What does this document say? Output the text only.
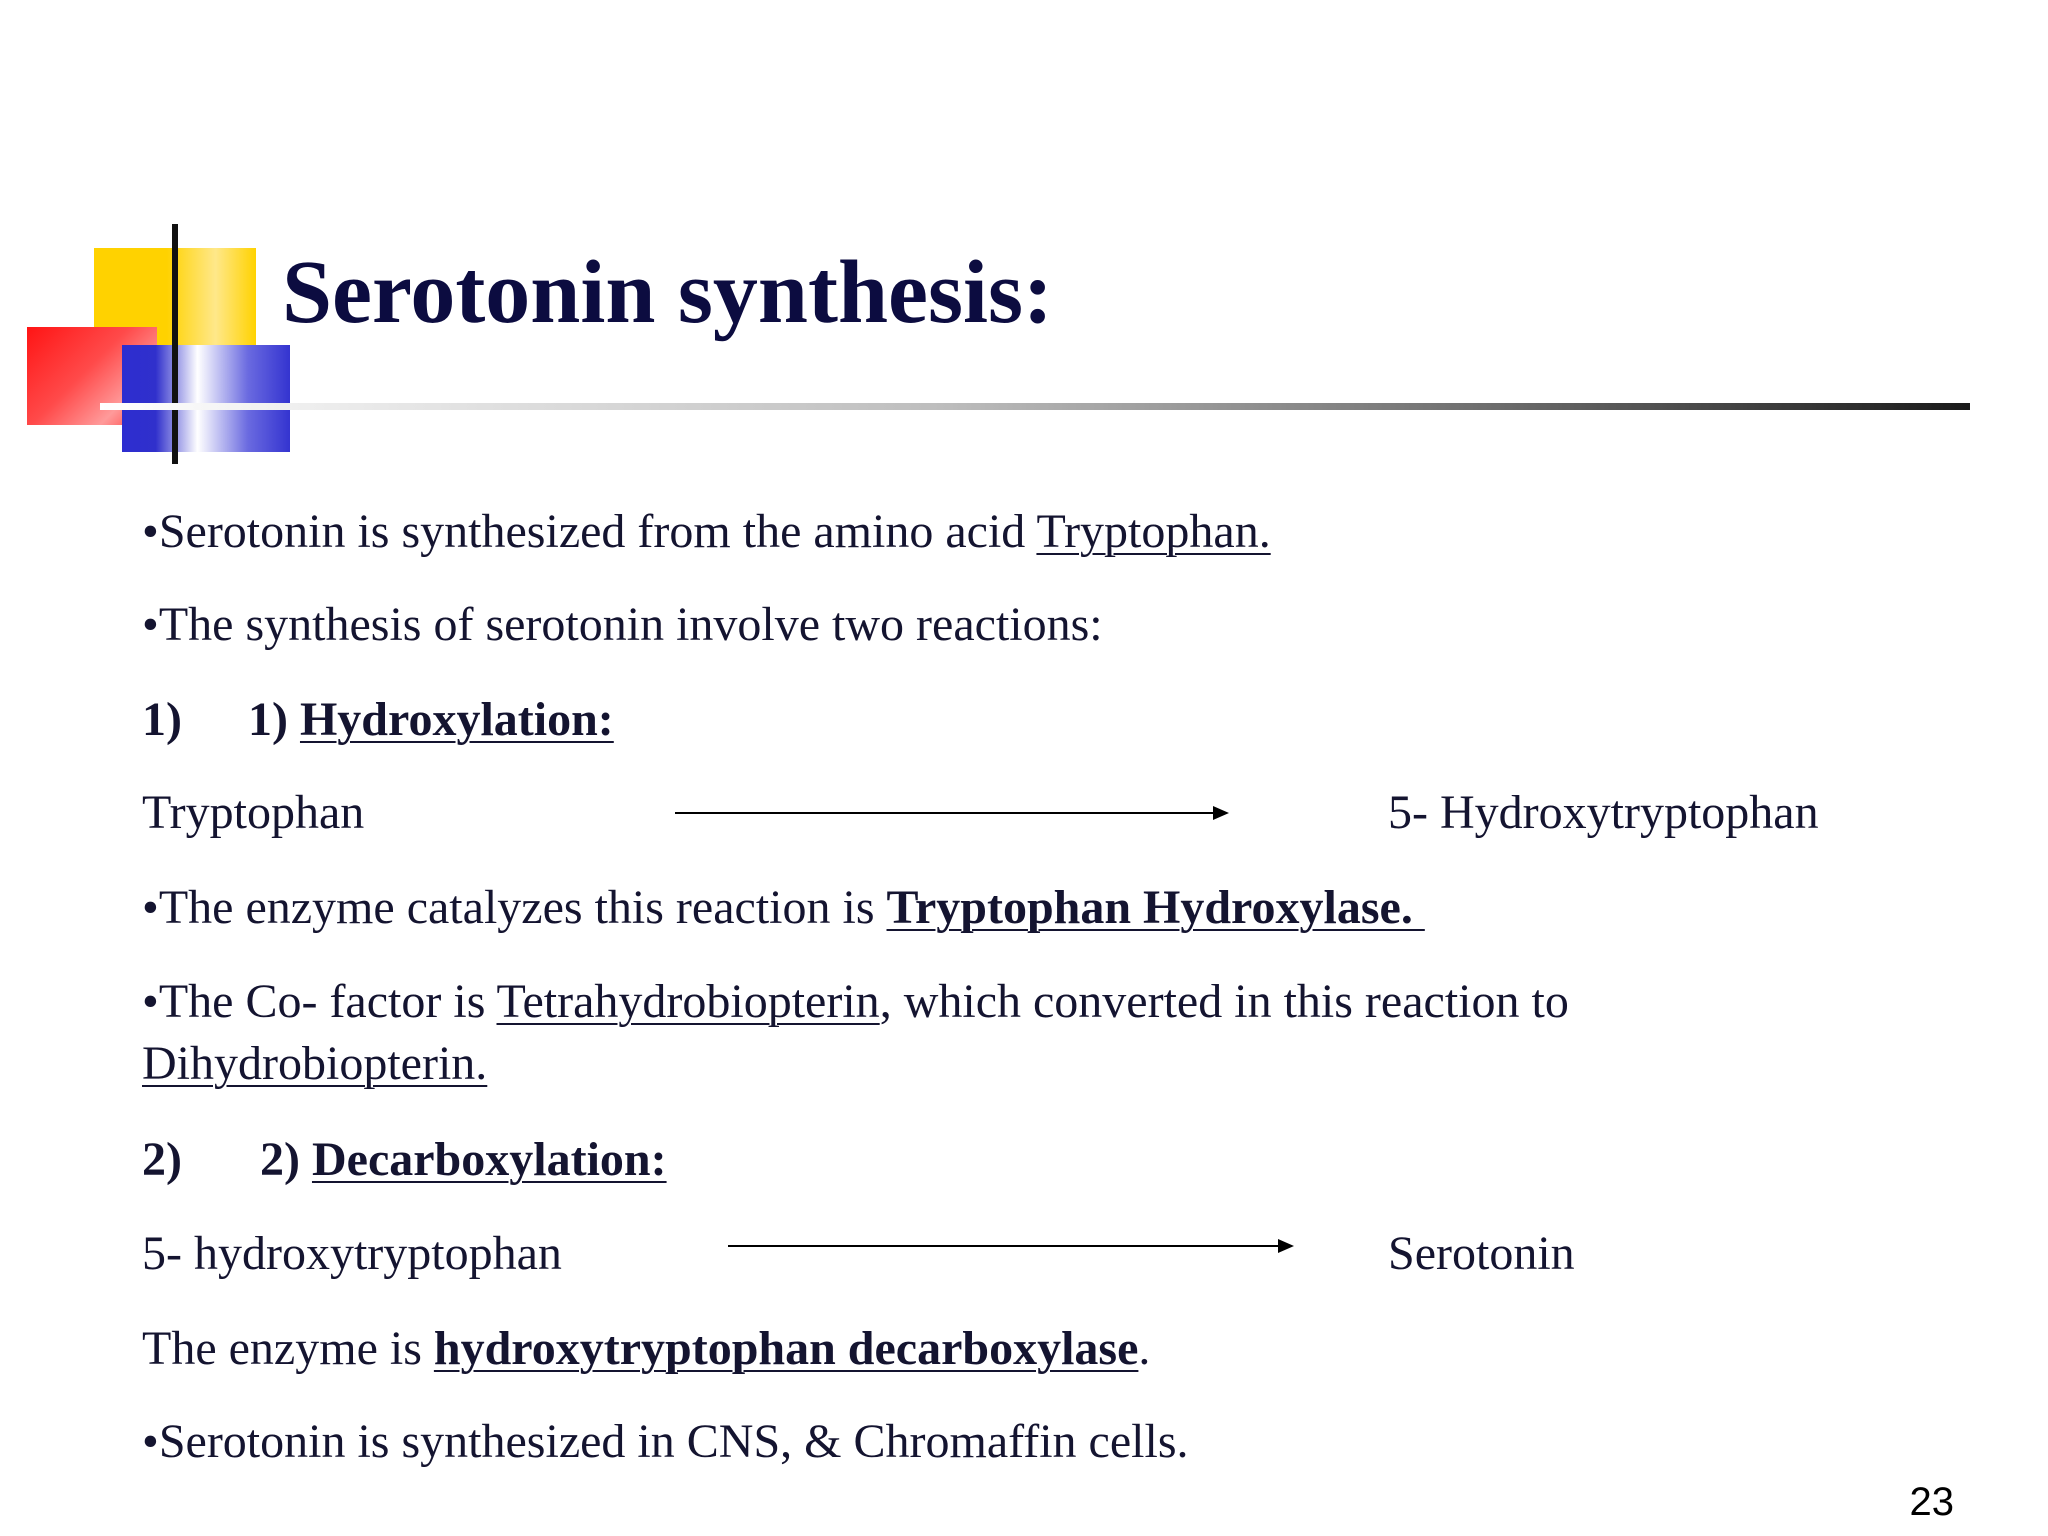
Serotonin synthesis:
•Serotonin is synthesized from the amino acid Tryptophan.
•The synthesis of serotonin involve two reactions:
1) 1) Hydroxylation:
Tryptophan	5- Hydroxytryptophan
•The enzyme catalyzes this reaction is Tryptophan Hydroxylase.
•The Co- factor is Tetrahydrobiopterin, which converted in this reaction to
Dihydrobiopterin.
2) 2) Decarboxylation:
5- hydroxytryptophan	Serotonin
The enzyme is hydroxytryptophan decarboxylase.
•Serotonin is synthesized in CNS, & Chromaffin cells.
23
